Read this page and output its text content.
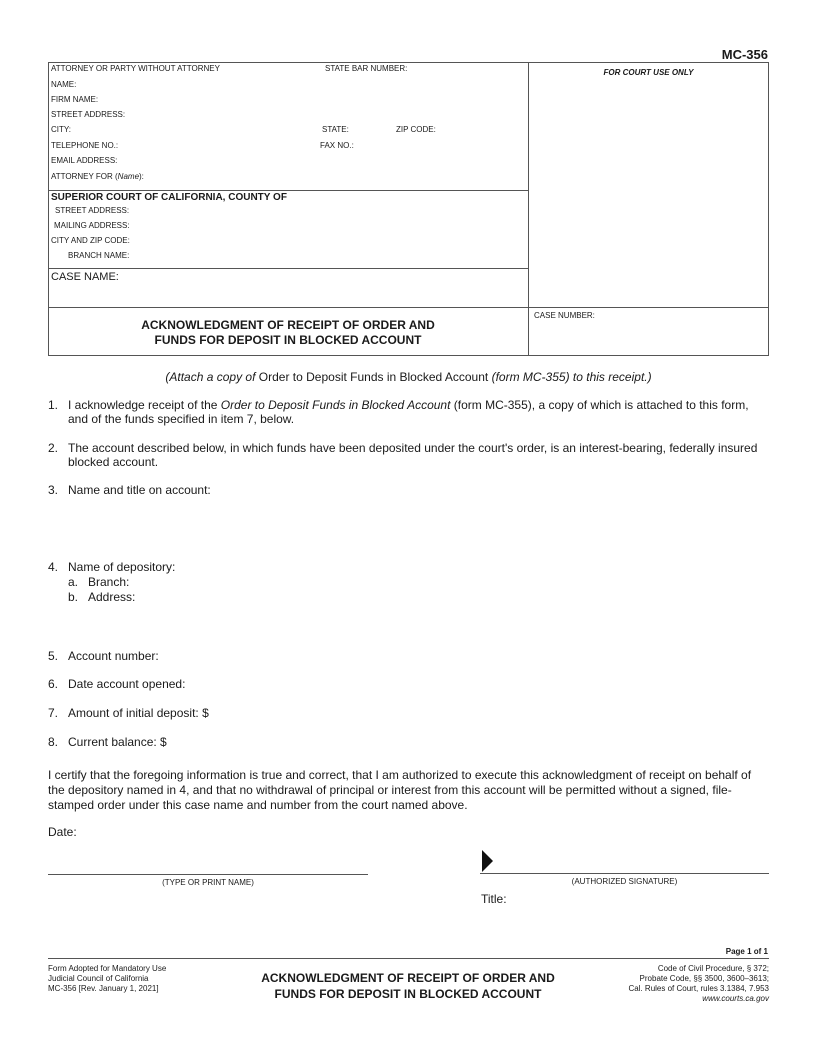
MC-356
ATTORNEY OR PARTY WITHOUT ATTORNEY	STATE BAR NUMBER:	FOR COURT USE ONLY
NAME:
FIRM NAME:
STREET ADDRESS:
CITY:	STATE:	ZIP CODE:
TELEPHONE NO.:	FAX NO.:
EMAIL ADDRESS:
ATTORNEY FOR (Name):
SUPERIOR COURT OF CALIFORNIA, COUNTY OF
STREET ADDRESS:
MAILING ADDRESS:
CITY AND ZIP CODE:
BRANCH NAME:
CASE NAME:
ACKNOWLEDGMENT OF RECEIPT OF ORDER AND
FUNDS FOR DEPOSIT IN BLOCKED ACCOUNT
CASE NUMBER:
(Attach a copy of Order to Deposit Funds in Blocked Account (form MC-355) to this receipt.)
1. I acknowledge receipt of the Order to Deposit Funds in Blocked Account (form MC-355), a copy of which is attached to this form,
and of the funds specified in item 7, below.
2. The account described below, in which funds have been deposited under the court's order, is an interest-bearing, federally insured
blocked account.
3. Name and title on account:
4. Name of depository:
a. Branch:
b. Address:
5. Account number:
6. Date account opened:
7. Amount of initial deposit: $
8. Current balance: $
I certify that the foregoing information is true and correct, that I am authorized to execute this acknowledgment of receipt on behalf of
the depository named in 4, and that no withdrawal of principal or interest from this account will be permitted without a signed, file-
stamped order under this case name and number from the court named above.
Date:
(TYPE OR PRINT NAME)	(AUTHORIZED SIGNATURE)
Title:
Page 1 of 1
Form Adopted for Mandatory Use
Judicial Council of California
MC-356 [Rev. January 1, 2021]
ACKNOWLEDGMENT OF RECEIPT OF ORDER AND
FUNDS FOR DEPOSIT IN BLOCKED ACCOUNT
Code of Civil Procedure, § 372;
Probate Code, §§ 3500, 3600–3613;
Cal. Rules of Court, rules 3.1384, 7.953
www.courts.ca.gov
